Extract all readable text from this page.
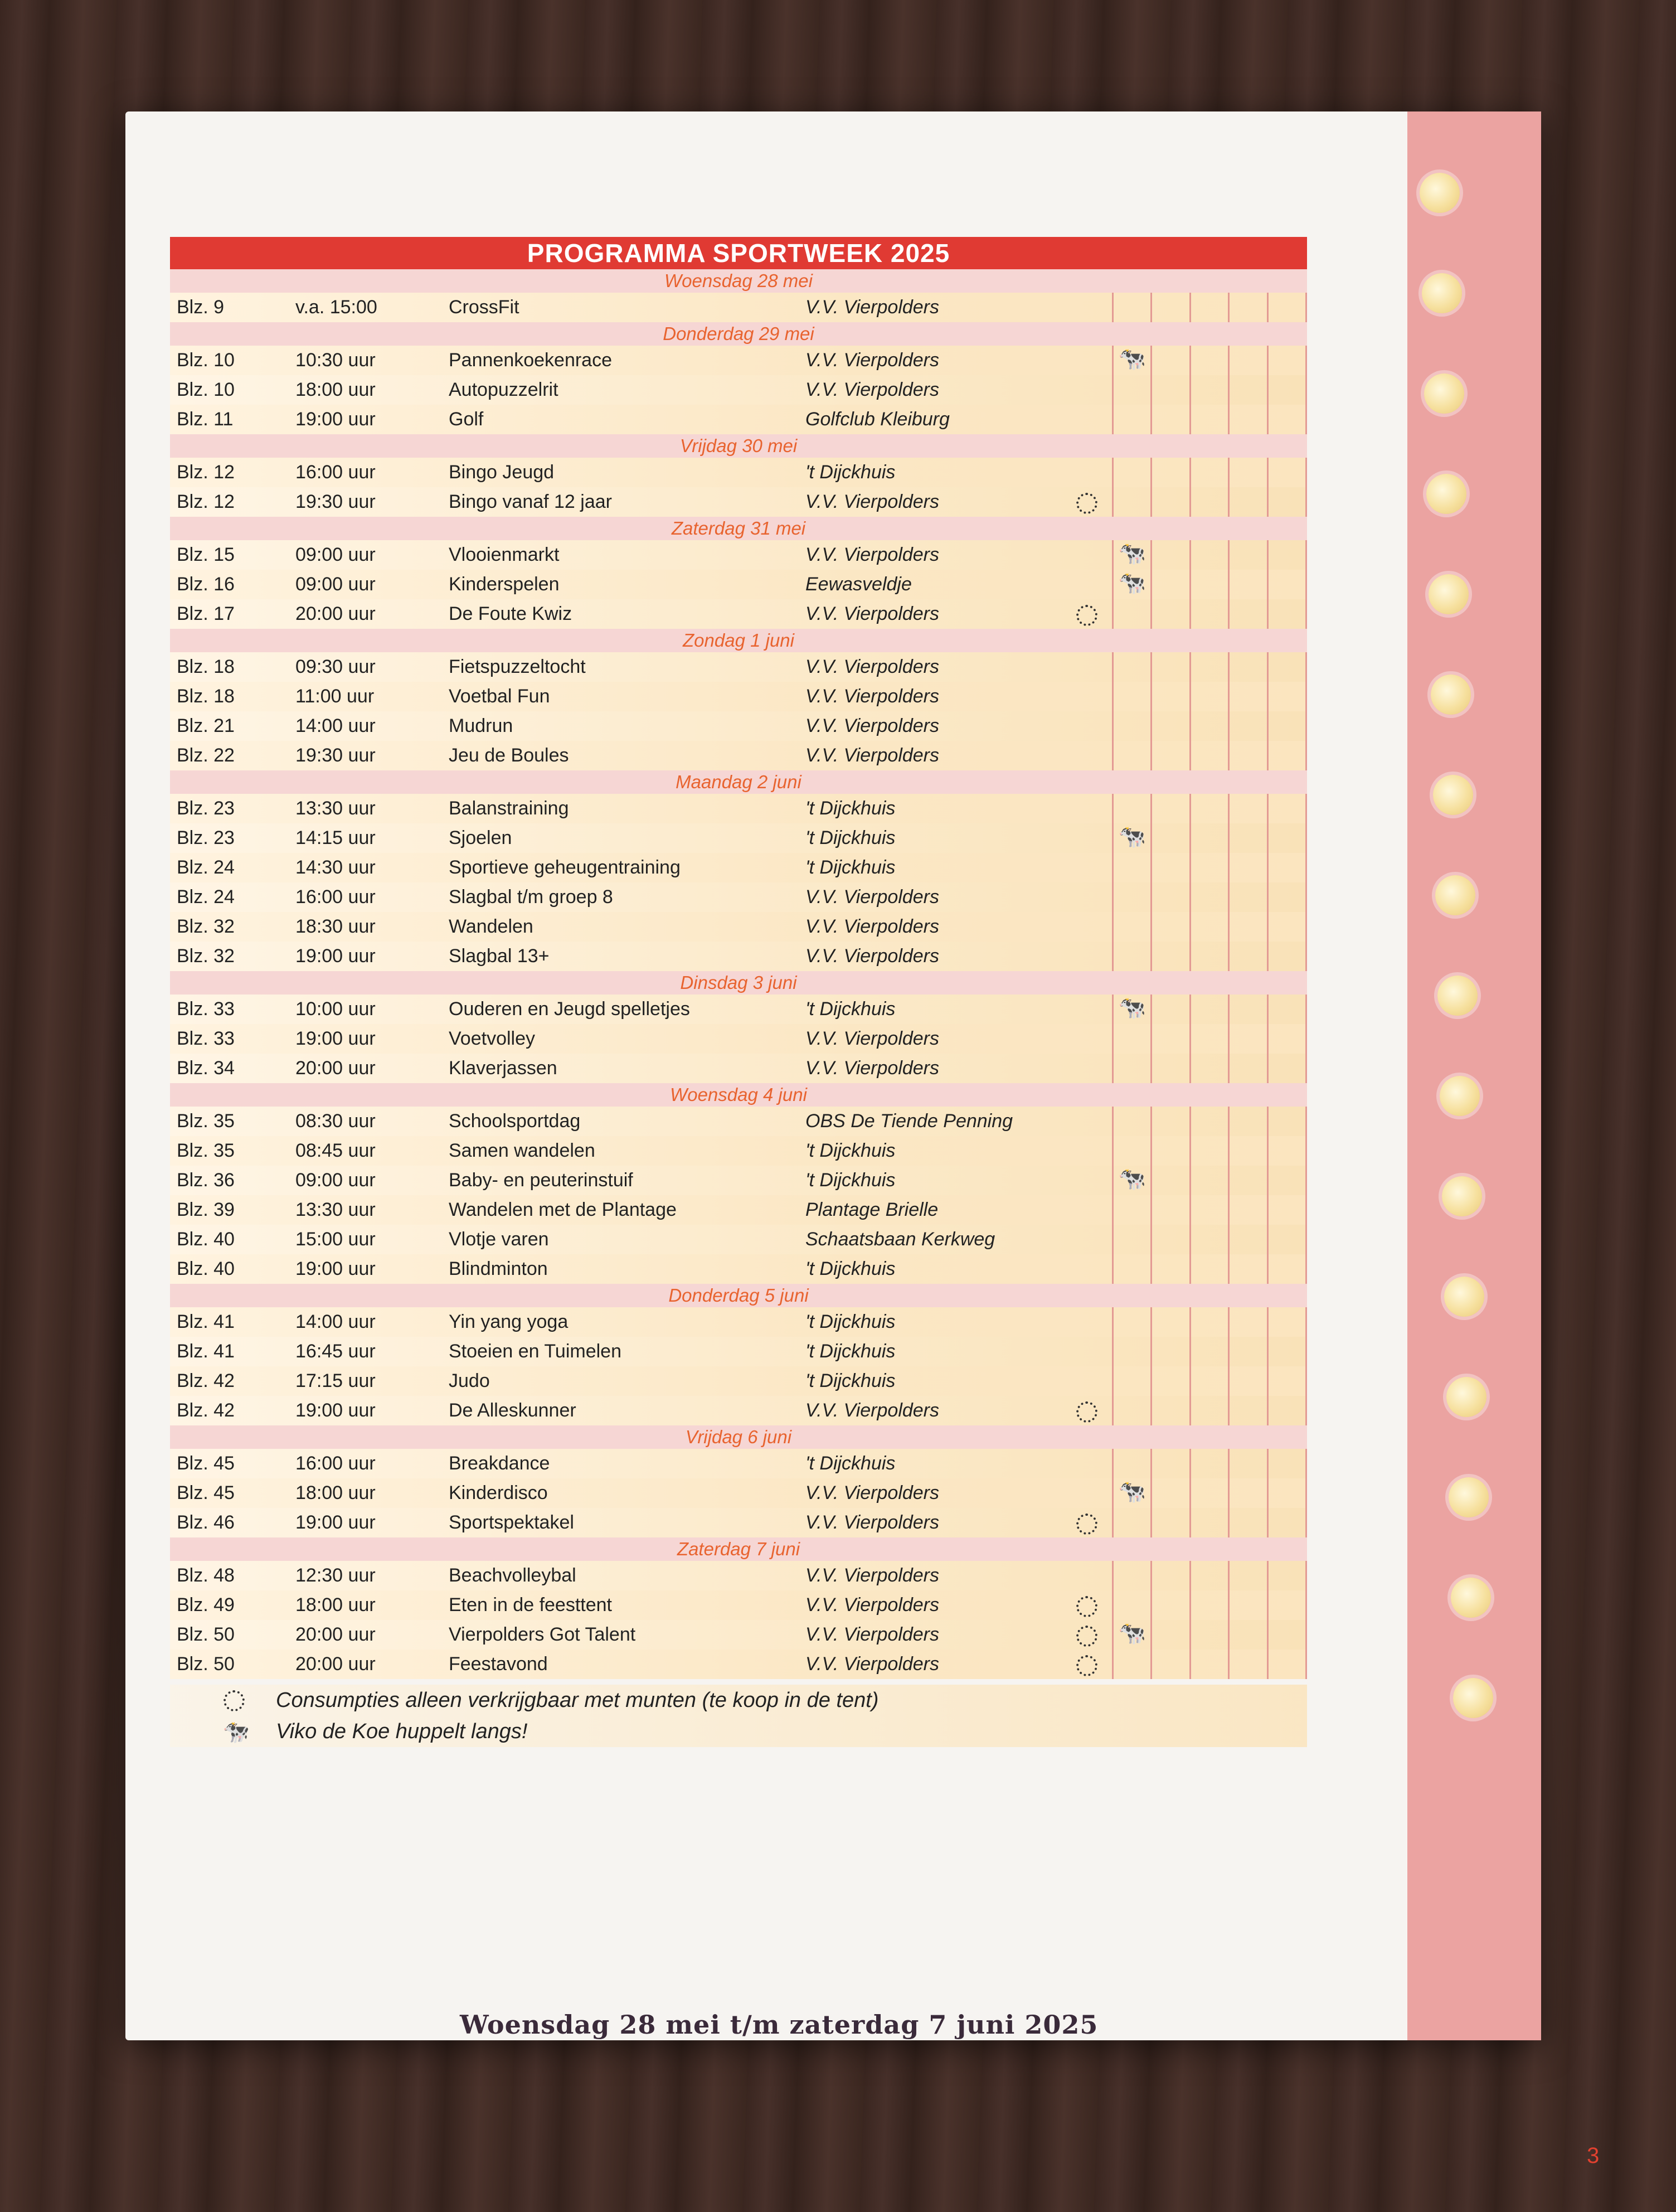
PROGRAMMA SPORTWEEK 2025
Woensdag 28 mei
Blz. 9	v.a. 15:00	CrossFit	V.V. Vierpolders
Donderdag 29 mei
Blz. 10	10:30 uur	Pannenkoekenrace	V.V. Vierpolders	🐄
Blz. 10	18:00 uur	Autopuzzelrit	V.V. Vierpolders
Blz. 11	19:00 uur	Golf	Golfclub Kleiburg
Vrijdag 30 mei
Blz. 12	16:00 uur	Bingo Jeugd	't Dijckhuis
Blz. 12	19:30 uur	Bingo vanaf 12 jaar	V.V. Vierpolders
Zaterdag 31 mei
Blz. 15	09:00 uur	Vlooienmarkt	V.V. Vierpolders	🐄
Blz. 16	09:00 uur	Kinderspelen	Eewasveldje	🐄
Blz. 17	20:00 uur	De Foute Kwiz	V.V. Vierpolders
Zondag 1 juni
Blz. 18	09:30 uur	Fietspuzzeltocht	V.V. Vierpolders
Blz. 18	11:00 uur	Voetbal Fun	V.V. Vierpolders
Blz. 21	14:00 uur	Mudrun	V.V. Vierpolders
Blz. 22	19:30 uur	Jeu de Boules	V.V. Vierpolders
Maandag 2 juni
Blz. 23	13:30 uur	Balanstraining	't Dijckhuis
Blz. 23	14:15 uur	Sjoelen	't Dijckhuis	🐄
Blz. 24	14:30 uur	Sportieve geheugentraining	't Dijckhuis
Blz. 24	16:00 uur	Slagbal t/m groep 8	V.V. Vierpolders
Blz. 32	18:30 uur	Wandelen	V.V. Vierpolders
Blz. 32	19:00 uur	Slagbal 13+	V.V. Vierpolders
Dinsdag 3 juni
Blz. 33	10:00 uur	Ouderen en Jeugd spelletjes	't Dijckhuis	🐄
Blz. 33	19:00 uur	Voetvolley	V.V. Vierpolders
Blz. 34	20:00 uur	Klaverjassen	V.V. Vierpolders
Woensdag 4 juni
Blz. 35	08:30 uur	Schoolsportdag	OBS De Tiende Penning
Blz. 35	08:45 uur	Samen wandelen	't Dijckhuis
Blz. 36	09:00 uur	Baby- en peuterinstuif	't Dijckhuis	🐄
Blz. 39	13:30 uur	Wandelen met de Plantage	Plantage Brielle
Blz. 40	15:00 uur	Vlotje varen	Schaatsbaan Kerkweg
Blz. 40	19:00 uur	Blindminton	't Dijckhuis
Donderdag 5 juni
Blz. 41	14:00 uur	Yin yang yoga	't Dijckhuis
Blz. 41	16:45 uur	Stoeien en Tuimelen	't Dijckhuis
Blz. 42	17:15 uur	Judo	't Dijckhuis
Blz. 42	19:00 uur	De Alleskunner	V.V. Vierpolders
Vrijdag 6 juni
Blz. 45	16:00 uur	Breakdance	't Dijckhuis
Blz. 45	18:00 uur	Kinderdisco	V.V. Vierpolders	🐄
Blz. 46	19:00 uur	Sportspektakel	V.V. Vierpolders
Zaterdag 7 juni
Blz. 48	12:30 uur	Beachvolleybal	V.V. Vierpolders
Blz. 49	18:00 uur	Eten in de feesttent	V.V. Vierpolders
Blz. 50	20:00 uur	Vierpolders Got Talent	V.V. Vierpolders	🐄
Blz. 50	20:00 uur	Feestavond	V.V. Vierpolders
Consumpties alleen verkrijgbaar met munten (te koop in de tent)
🐄	Viko de Koe huppelt langs!
Woensdag 28 mei t/m zaterdag 7 juni 2025
3
